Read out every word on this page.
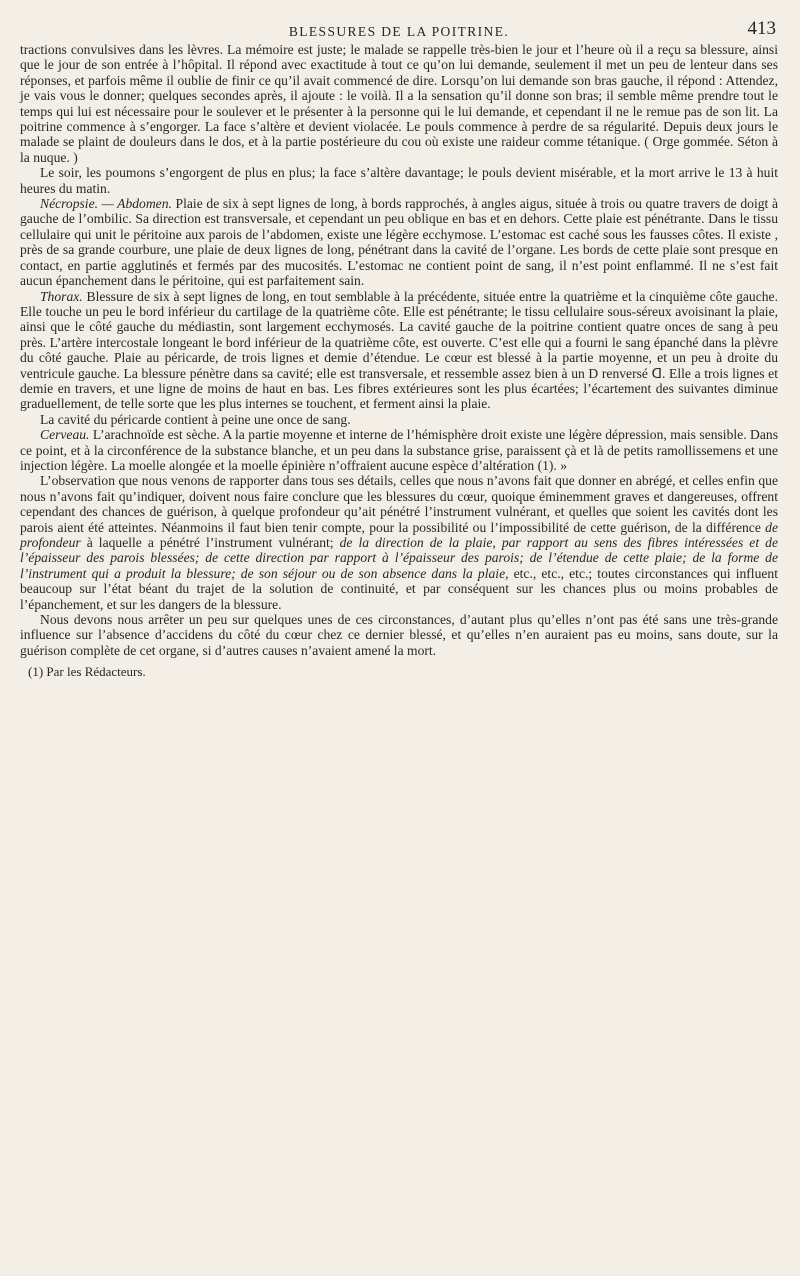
BLESSURES DE LA POITRINE.	413

tractions convulsives dans les lèvres. La mémoire est juste; le malade se rappelle très-bien le jour et l’heure où il a reçu sa blessure, ainsi que le jour de son entrée à l’hôpital. Il répond avec exactitude à tout ce qu’on lui demande, seulement il met un peu de lenteur dans ses réponses, et parfois même il oublie de finir ce qu’il avait commencé de dire. Lorsqu’on lui demande son bras gauche, il répond : Attendez, je vais vous le donner; quelques secondes après, il ajoute : le voilà. Il a la sensation qu’il donne son bras; il semble même prendre tout le temps qui lui est nécessaire pour le soulever et le présenter à la personne qui le lui demande, et cependant il ne le remue pas de son lit. La poitrine commence à s’engorger. La face s’altère et devient violacée. Le pouls commence à perdre de sa régularité. Depuis deux jours le malade se plaint de douleurs dans le dos, et à la partie postérieure du cou où existe une raideur comme tétanique. ( Orge gommée. Séton à la nuque. )

Le soir, les poumons s’engorgent de plus en plus; la face s’altère davantage; le pouls devient misérable, et la mort arrive le 13 à huit heures du matin.

Nécropsie. — Abdomen. Plaie de six à sept lignes de long, à bords rapprochés, à angles aigus, située à trois ou quatre travers de doigt à gauche de l’ombilic. Sa direction est transversale, et cependant un peu oblique en bas et en dehors. Cette plaie est pénétrante. Dans le tissu cellulaire qui unit le péritoine aux parois de l’abdomen, existe une légère ecchymose. L’estomac est caché sous les fausses côtes. Il existe , près de sa grande courbure, une plaie de deux lignes de long, pénétrant dans la cavité de l’organe. Les bords de cette plaie sont presque en contact, en partie agglutinés et fermés par des mucosités. L’estomac ne contient point de sang, il n’est point enflammé. Il ne s’est fait aucun épanchement dans le péritoine, qui est parfaitement sain.

Thorax. Blessure de six à sept lignes de long, en tout semblable à la précédente, située entre la quatrième et la cinquième côte gauche. Elle touche un peu le bord inférieur du cartilage de la quatrième côte. Elle est pénétrante; le tissu cellulaire sous-séreux avoisinant la plaie, ainsi que le côté gauche du médiastin, sont largement ecchymosés. La cavité gauche de la poitrine contient quatre onces de sang à peu près. L’artère intercostale longeant le bord inférieur de la quatrième côte, est ouverte. C’est elle qui a fourni le sang épanché dans la plèvre du côté gauche. Plaie au péricarde, de trois lignes et demie d’étendue. Le cœur est blessé à la partie moyenne, et un peu à droite du ventricule gauche. La blessure pénètre dans sa cavité; elle est transversale, et ressemble assez bien à un D renversé ᗡ. Elle a trois lignes et demie en travers, et une ligne de moins de haut en bas. Les fibres extérieures sont les plus écartées; l’écartement des suivantes diminue graduellement, de telle sorte que les plus internes se touchent, et ferment ainsi la plaie.

La cavité du péricarde contient à peine une once de sang.

Cerveau. L’arachnoïde est sèche. A la partie moyenne et interne de l’hémisphère droit existe une légère dépression, mais sensible. Dans ce point, et à la circonférence de la substance blanche, et un peu dans la substance grise, paraissent çà et là de petits ramollissemens et une injection légère. La moelle alongée et la moelle épinière n’offraient aucune espèce d’altération (1). »

L’observation que nous venons de rapporter dans tous ses détails, celles que nous n’avons fait que donner en abrégé, et celles enfin que nous n’avons fait qu’indiquer, doivent nous faire conclure que les blessures du cœur, quoique éminemment graves et dangereuses, offrent cependant des chances de guérison, à quelque profondeur qu’ait pénétré l’instrument vulnérant, et quelles que soient les cavités dont les parois aient été atteintes. Néanmoins il faut bien tenir compte, pour la possibilité ou l’impossibilité de cette guérison, de la différence de profondeur à laquelle a pénétré l’instrument vulnérant; de la direction de la plaie, par rapport au sens des fibres intéressées et de l’épaisseur des parois blessées; de cette direction par rapport à l’épaisseur des parois; de l’étendue de cette plaie; de la forme de l’instrument qui a produit la blessure; de son séjour ou de son absence dans la plaie, etc., etc., etc.; toutes circonstances qui influent beaucoup sur l’état béant du trajet de la solution de continuité, et par conséquent sur les chances plus ou moins probables de l’épanchement, et sur les dangers de la blessure.

Nous devons nous arrêter un peu sur quelques unes de ces circonstances, d’autant plus qu’elles n’ont pas été sans une très-grande influence sur l’absence d’accidens du côté du cœur chez ce dernier blessé, et qu’elles n’en auraient pas eu moins, sans doute, sur la guérison complète de cet organe, si d’autres causes n’avaient amené la mort.

(1) Par les Rédacteurs.
